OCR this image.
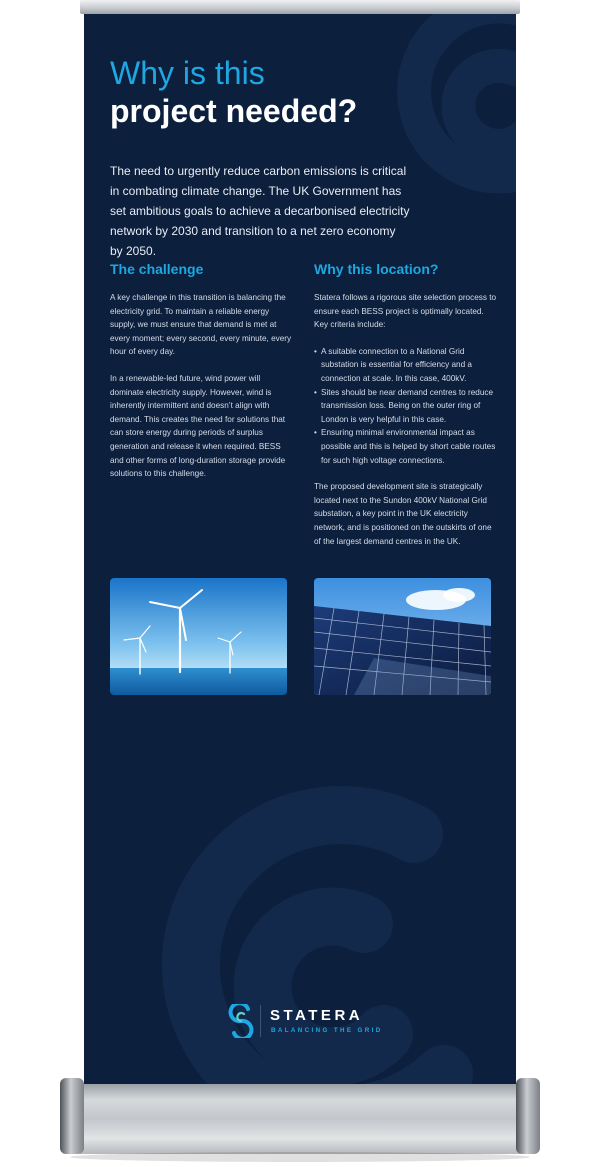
Why is this
project needed?

The need to urgently reduce carbon emissions is critical in combating climate change. The UK Government has set ambitious goals to achieve a decarbonised electricity network by 2030 and transition to a net zero economy by 2050.

The challenge

A key challenge in this transition is balancing the electricity grid. To maintain a reliable energy supply, we must ensure that demand is met at every moment; every second, every minute, every hour of every day.

In a renewable-led future, wind power will dominate electricity supply. However, wind is inherently intermittent and doesn’t align with demand. This creates the need for solutions that can store energy during periods of surplus generation and release it when required. BESS and other forms of long-duration storage provide solutions to this challenge.

Why this location?

Statera follows a rigorous site selection process to ensure each BESS project is optimally located. Key criteria include:

• A suitable connection to a National Grid substation is essential for efficiency and a connection at scale. In this case, 400kV.
• Sites should be near demand centres to reduce transmission loss. Being on the outer ring of London is very helpful in this case.
• Ensuring minimal environmental impact as possible and this is helped by short cable routes for such high voltage connections.

The proposed development site is strategically located next to the Sundon 400kV National Grid substation, a key point in the UK electricity network, and is positioned on the outskirts of one of the largest demand centres in the UK.

STATERA
BALANCING THE GRID
